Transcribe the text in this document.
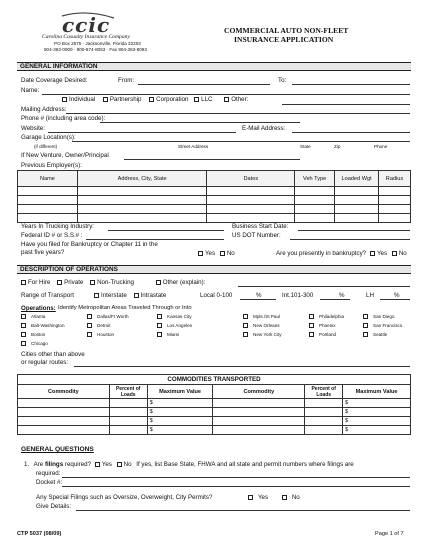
ccic
Carolina Casualty Insurance Company
PO Box 2575 · Jacksonville, Florida 32203
904-363-0900 · 800-874-8053 · Fax 904-363-8093
COMMERCIAL AUTO NON-FLEET
INSURANCE APPLICATION
GENERAL INFORMATION
Date Coverage Desired:	From:	To:
Name:
Individual Partnership Corporation LLC	Other:
Mailing Address:
Phone # (including area code):
Website:	E-Mail Address:
Garage Location(s):
(if different)	Street Address	State	Zip	Phone
If New Venture, Owner/Principal
Previous Employer(s):
Name	Address, City, State	Dates	Veh Type	Loaded Wgt	Radius

Years In Trucking Industry:	Business Start Date:
Federal ID # or S.S.# :	US DOT Number:
Have you filed for Bankruptcy or Chapter 11 in the
past five years?	Yes No	Are you presently in bankruptcy?	Yes No
DESCRIPTION OF OPERATIONS
For Hire Private Non-Trucking	Other (explain):
Range of Transport	Interstate Intrastate	Local 0-100	%	Int.101-300	%	LH	%
Operations: Identify Metropolitan Areas Traveled Through or Into
Atlanta	Dallas/Ft Worth	Kansas City	Mpls./St Paul	Philadelphia	San Diego
Balt-Washington	Detroit	Los Angeles	New Orleans	Phoenix	San Francisco
Boston	Houston	Miami	New York City	Portland	Seattle
Chicago
Cities other than above
or regular routes:
COMMODITIES TRANSPORTED					
Commodity	Percent of Loads	Maximum Value	Commodity	Percent of Loads	Maximum Value
		$			$
		$			$
		$			$
		$			$
GENERAL QUESTIONS
1. Are filings required? Yes No If yes, list Base State, FHWA and all state and permit numbers where filings are
required:
Docket #:
Any Special Filings such as Oversize, Overweight, City Permits?	Yes	No
Give Details:
CTP 5037 (08/09)	Page 1 of 7
